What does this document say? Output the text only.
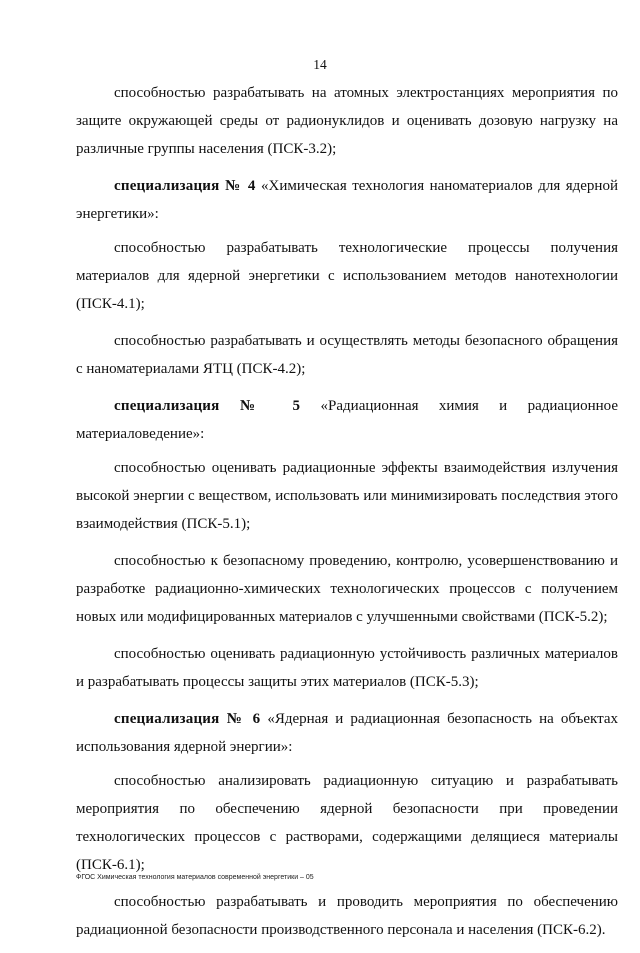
14

способностью разрабатывать на атомных электростанциях мероприятия по защите окружающей среды от радионуклидов и оценивать дозовую нагрузку на различные группы населения (ПСК-3.2);

специализация № 4 «Химическая технология наноматериалов для ядерной энергетики»:

способностью разрабатывать технологические процессы получения материалов для ядерной энергетики с использованием методов нанотехнологии (ПСК-4.1);

способностью разрабатывать и осуществлять методы безопасного обращения с наноматериалами ЯТЦ (ПСК-4.2);

специализация № 5 «Радиационная химия и радиационное материаловедение»:

способностью оценивать радиационные эффекты взаимодействия излучения высокой энергии с веществом, использовать или минимизировать последствия этого взаимодействия (ПСК-5.1);

способностью к безопасному проведению, контролю, усовершенствованию и разработке радиационно-химических технологических процессов с получением новых или модифицированных материалов с улучшенными свойствами (ПСК-5.2);

способностью оценивать радиационную устойчивость различных материалов и разрабатывать процессы защиты этих материалов (ПСК-5.3);

специализация № 6 «Ядерная и радиационная безопасность на объектах использования ядерной энергии»:

способностью анализировать радиационную ситуацию и разрабатывать мероприятия по обеспечению ядерной безопасности при проведении технологических процессов с растворами, содержащими делящиеся материалы (ПСК-6.1);

способностью разрабатывать и проводить мероприятия по обеспечению радиационной безопасности производственного персонала и населения (ПСК-6.2).

ФГОС Химическая технология материалов современной энергетики – 05
